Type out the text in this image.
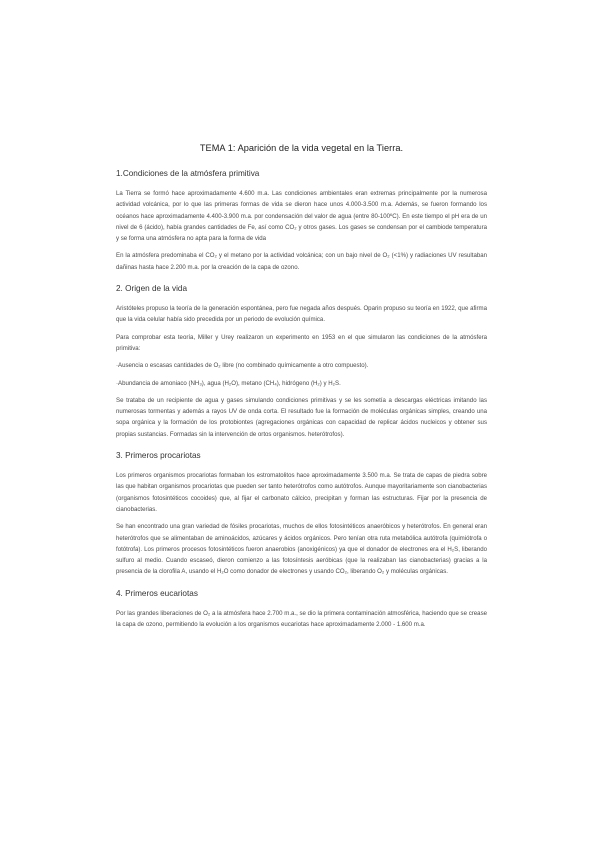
TEMA 1: Aparición de la vida vegetal en la Tierra.
1.Condiciones de la atmósfera primitiva

La Tierra se formó hace aproximadamente 4.600 m.a. Las condiciones ambientales eran extremas principalmente por la numerosa actividad volcánica, por lo que las primeras formas de vida se dieron hace unos 4.000-3.500 m.a. Además, se fueron formando los océanos hace aproximadamente 4.400-3.900 m.a. por condensación del valor de agua (entre 80-100ºC). En este tiempo el pH era de un nivel de 6 (ácido), había grandes cantidades de Fe, así como CO₂ y otros gases. Los gases se condensan por el cambiode temperatura y se forma una atmósfera no apta para la forma de vida

En la atmósfera predominaba el CO₂ y el metano por la actividad volcánica; con un bajo nivel de O₂ (<1%) y radiaciones UV resultaban dañinas hasta hace 2.200 m.a. por la creación de la capa de ozono.

2. Origen de la vida

Aristóteles propuso la teoría de la generación espontánea, pero fue negada años después. Oparin propuso su teoría en 1922, que afirma que la vida celular había sido precedida por un periodo de evolución química.

Para comprobar esta teoría, Miller y Urey realizaron un experimento en 1953 en el que simularon las condiciones de la atmósfera primitiva:

·Ausencia o escasas cantidades de O₂ libre (no combinado químicamente a otro compuesto).

·Abundancia de amoniaco (NH₃), agua (H₂O), metano (CH₄), hidrógeno (H₂) y H₂S.

Se trataba de un recipiente de agua y gases simulando condiciones primitivas y se les sometía a descargas eléctricas imitando las numerosas tormentas y además a rayos UV de onda corta. El resultado fue la formación de moléculas orgánicas simples, creando una sopa orgánica y la formación de los protobiontes (agregaciones orgánicas con capacidad de replicar ácidos nucleicos y obtener sus propias sustancias. Formadas sin la intervención de ortos organismos. heterótrofos).

3. Primeros procariotas

Los primeros organismos procariotas formaban los estromatolitos hace aproximadamente 3.500 m.a. Se trata de capas de piedra sobre las que habitan organismos procariotas que pueden ser tanto heterótrofos como autótrofos. Aunque mayoritariamente son cianobacterias (organismos fotosintéticos cocoides) que, al fijar el carbonato cálcico, precipitan y forman las estructuras. Fijar por la presencia de cianobacterias.

Se han encontrado una gran variedad de fósiles procariotas, muchos de ellos fotosintéticos anaeróbicos y heterótrofos. En general eran heterótrofos que se alimentaban de aminoácidos, azúcares y ácidos orgánicos. Pero tenían otra ruta metabólica autótrofa (quimiótrofa o fotótrofa). Los primeros procesos fotosintéticos fueron anaerobios (anoxigénicos) ya que el donador de electrones era el H₂S, liberando sulfuro al medio. Cuando escaseó, dieron comienzo a las fotosíntesis aeróbicas (que la realizaban las cianobacterias) gracias a la presencia de la clorofila A, usando el H₂O como donador de electrones y usando CO₂, liberando O₂ y moléculas orgánicas.

4. Primeros eucariotas

Por las grandes liberaciones de O₂ a la atmósfera hace 2.700 m.a., se dio la primera contaminación atmosférica, haciendo que se crease la capa de ozono, permitiendo la evolución a los organismos eucariotas hace aproximadamente 2.000 - 1.600 m.a.
